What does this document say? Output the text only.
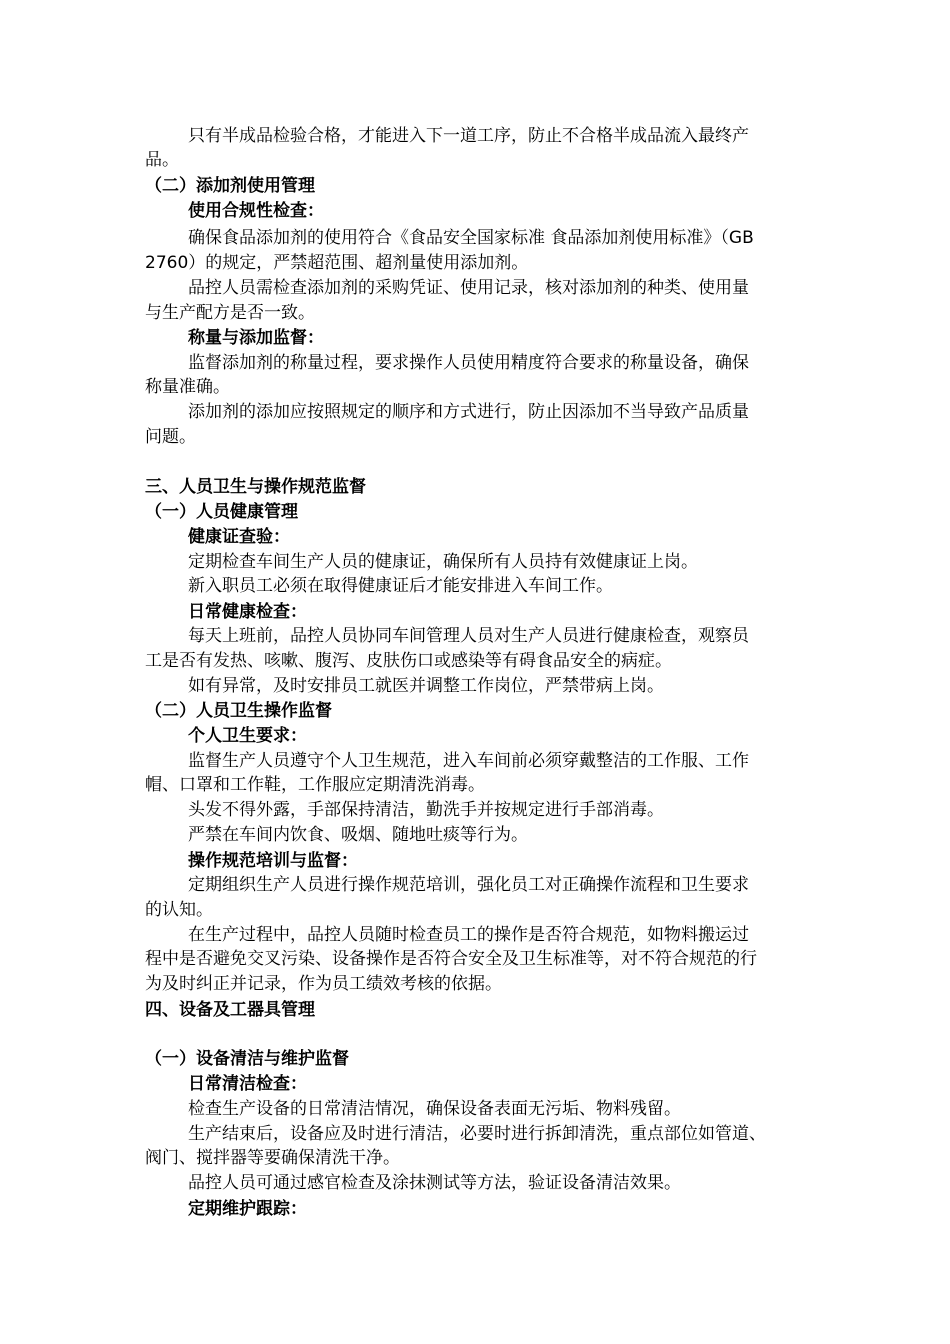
只有半成品检验合格，才能进入下一道工序，防止不合格半成品流入最终产
品。
（二）添加剂使用管理
使用合规性检查：
确保食品添加剂的使用符合《食品安全国家标准 食品添加剂使用标准》（GB
2760）的规定，严禁超范围、超剂量使用添加剂。
品控人员需检查添加剂的采购凭证、使用记录，核对添加剂的种类、使用量
与生产配方是否一致。
称量与添加监督：
监督添加剂的称量过程，要求操作人员使用精度符合要求的称量设备，确保
称量准确。
添加剂的添加应按照规定的顺序和方式进行，防止因添加不当导致产品质量
问题。
三、人员卫生与操作规范监督
（一）人员健康管理
健康证查验：
定期检查车间生产人员的健康证，确保所有人员持有效健康证上岗。
新入职员工必须在取得健康证后才能安排进入车间工作。
日常健康检查：
每天上班前，品控人员协同车间管理人员对生产人员进行健康检查，观察员
工是否有发热、咳嗽、腹泻、皮肤伤口或感染等有碍食品安全的病症。
如有异常，及时安排员工就医并调整工作岗位，严禁带病上岗。
（二）人员卫生操作监督
个人卫生要求：
监督生产人员遵守个人卫生规范，进入车间前必须穿戴整洁的工作服、工作
帽、口罩和工作鞋，工作服应定期清洗消毒。
头发不得外露，手部保持清洁，勤洗手并按规定进行手部消毒。
严禁在车间内饮食、吸烟、随地吐痰等行为。
操作规范培训与监督：
定期组织生产人员进行操作规范培训，强化员工对正确操作流程和卫生要求
的认知。
在生产过程中，品控人员随时检查员工的操作是否符合规范，如物料搬运过
程中是否避免交叉污染、设备操作是否符合安全及卫生标准等，对不符合规范的行
为及时纠正并记录，作为员工绩效考核的依据。
四、设备及工器具管理
（一）设备清洁与维护监督
日常清洁检查：
检查生产设备的日常清洁情况，确保设备表面无污垢、物料残留。
生产结束后，设备应及时进行清洁，必要时进行拆卸清洗，重点部位如管道、
阀门、搅拌器等要确保清洗干净。
品控人员可通过感官检查及涂抹测试等方法，验证设备清洁效果。
定期维护跟踪：
